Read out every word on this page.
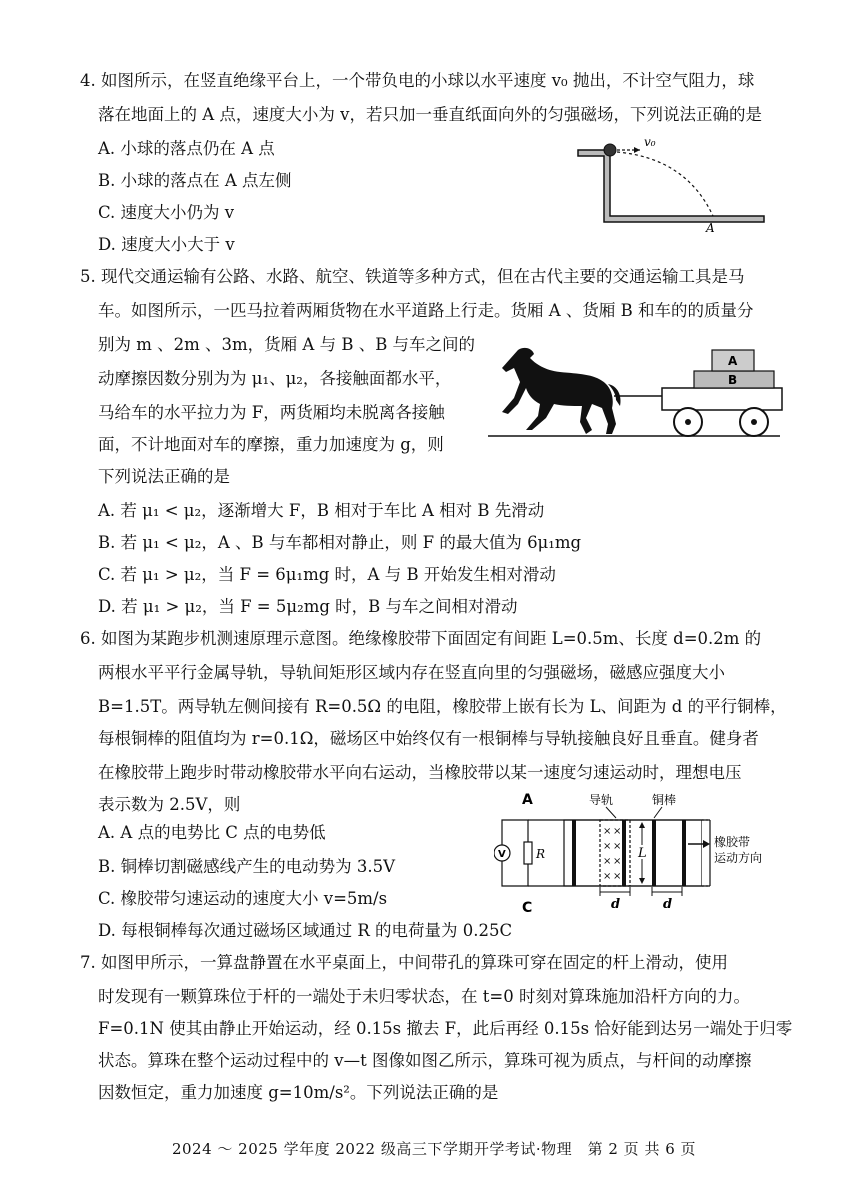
4. 如图所示，在竖直绝缘平台上，一个带负电的小球以水平速度 v₀ 抛出，不计空气阻力，球
落在地面上的 A 点，速度大小为 v，若只加一垂直纸面向外的匀强磁场，下列说法正确的是
A. 小球的落点仍在 A 点
B. 小球的落点在 A 点左侧
C. 速度大小仍为 v
D. 速度大小大于 v
v₀
A
5. 现代交通运输有公路、水路、航空、铁道等多种方式，但在古代主要的交通运输工具是马
车。如图所示，一匹马拉着两厢货物在水平道路上行走。货厢 A 、货厢 B 和车的的质量分
别为 m 、2m 、3m，货厢 A 与 B 、B 与车之间的
动摩擦因数分别为为 μ₁、μ₂，各接触面都水平，
马给车的水平拉力为 F，两货厢均未脱离各接触
面，不计地面对车的摩擦，重力加速度为 g，则
下列说法正确的是
A. 若 μ₁ < μ₂，逐渐增大 F，B 相对于车比 A 相对 B 先滑动
B. 若 μ₁ < μ₂，A 、B 与车都相对静止，则 F 的最大值为 6μ₁mg
C. 若 μ₁ > μ₂，当 F = 6μ₁mg 时，A 与 B 开始发生相对滑动
D. 若 μ₁ > μ₂，当 F = 5μ₂mg 时，B 与车之间相对滑动
A
B
6. 如图为某跑步机测速原理示意图。绝缘橡胶带下面固定有间距 L=0.5m、长度 d=0.2m 的
两根水平平行金属导轨，导轨间矩形区域内存在竖直向里的匀强磁场，磁感应强度大小
B=1.5T。两导轨左侧间接有 R=0.5Ω 的电阻，橡胶带上嵌有长为 L、间距为 d 的平行铜棒，
每根铜棒的阻值均为 r=0.1Ω，磁场区中始终仅有一根铜棒与导轨接触良好且垂直。健身者
在橡胶带上跑步时带动橡胶带水平向右运动，当橡胶带以某一速度匀速运动时，理想电压
表示数为 2.5V，则
A. A 点的电势比 C 点的电势低
B. 铜棒切割磁感线产生的电动势为 3.5V
C. 橡胶带匀速运动的速度大小 v=5m/s
D. 每根铜棒每次通过磁场区域通过 R 的电荷量为 0.25C
A
C
导轨	铜棒
V	R
× ×
× ×
× ×
× ×
L
d	d
橡胶带
运动方向
7. 如图甲所示，一算盘静置在水平桌面上，中间带孔的算珠可穿在固定的杆上滑动，使用
时发现有一颗算珠位于杆的一端处于未归零状态，在 t=0 时刻对算珠施加沿杆方向的力。
F=0.1N 使其由静止开始运动，经 0.15s 撤去 F，此后再经 0.15s 恰好能到达另一端处于归零
状态。算珠在整个运动过程中的 v—t 图像如图乙所示，算珠可视为质点，与杆间的动摩擦
因数恒定，重力加速度 g=10m/s²。下列说法正确的是
2024 ～ 2025 学年度 2022 级高三下学期开学考试·物理　第 2 页 共 6 页
